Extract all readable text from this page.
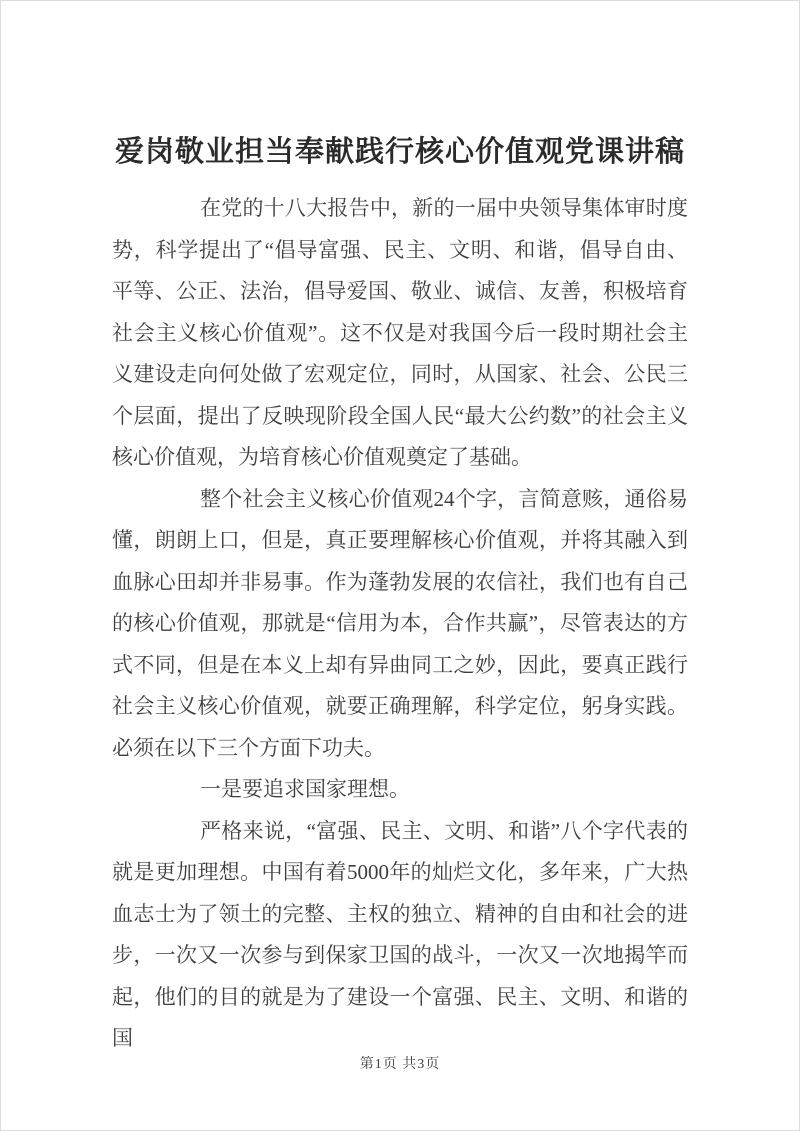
爱岗敬业担当奉献践行核心价值观党课讲稿

在党的十八大报告中，新的一届中央领导集体审时度势，科学提出了“倡导富强、民主、文明、和谐，倡导自由、平等、公正、法治，倡导爱国、敬业、诚信、友善，积极培育社会主义核心价值观”。这不仅是对我国今后一段时期社会主义建设走向何处做了宏观定位，同时，从国家、社会、公民三个层面，提出了反映现阶段全国人民“最大公约数”的社会主义核心价值观，为培育核心价值观奠定了基础。

整个社会主义核心价值观24个字，言简意赅，通俗易懂，朗朗上口，但是，真正要理解核心价值观，并将其融入到血脉心田却并非易事。作为蓬勃发展的农信社，我们也有自己的核心价值观，那就是“信用为本，合作共赢”，尽管表达的方式不同，但是在本义上却有异曲同工之妙，因此，要真正践行社会主义核心价值观，就要正确理解，科学定位，躬身实践。必须在以下三个方面下功夫。

一是要追求国家理想。

严格来说，“富强、民主、文明、和谐”八个字代表的就是更加理想。中国有着5000年的灿烂文化，多年来，广大热血志士为了领土的完整、主权的独立、精神的自由和社会的进步，一次又一次参与到保家卫国的战斗，一次又一次地揭竿而起，他们的目的就是为了建设一个富强、民主、文明、和谐的国

第1页 共3页
